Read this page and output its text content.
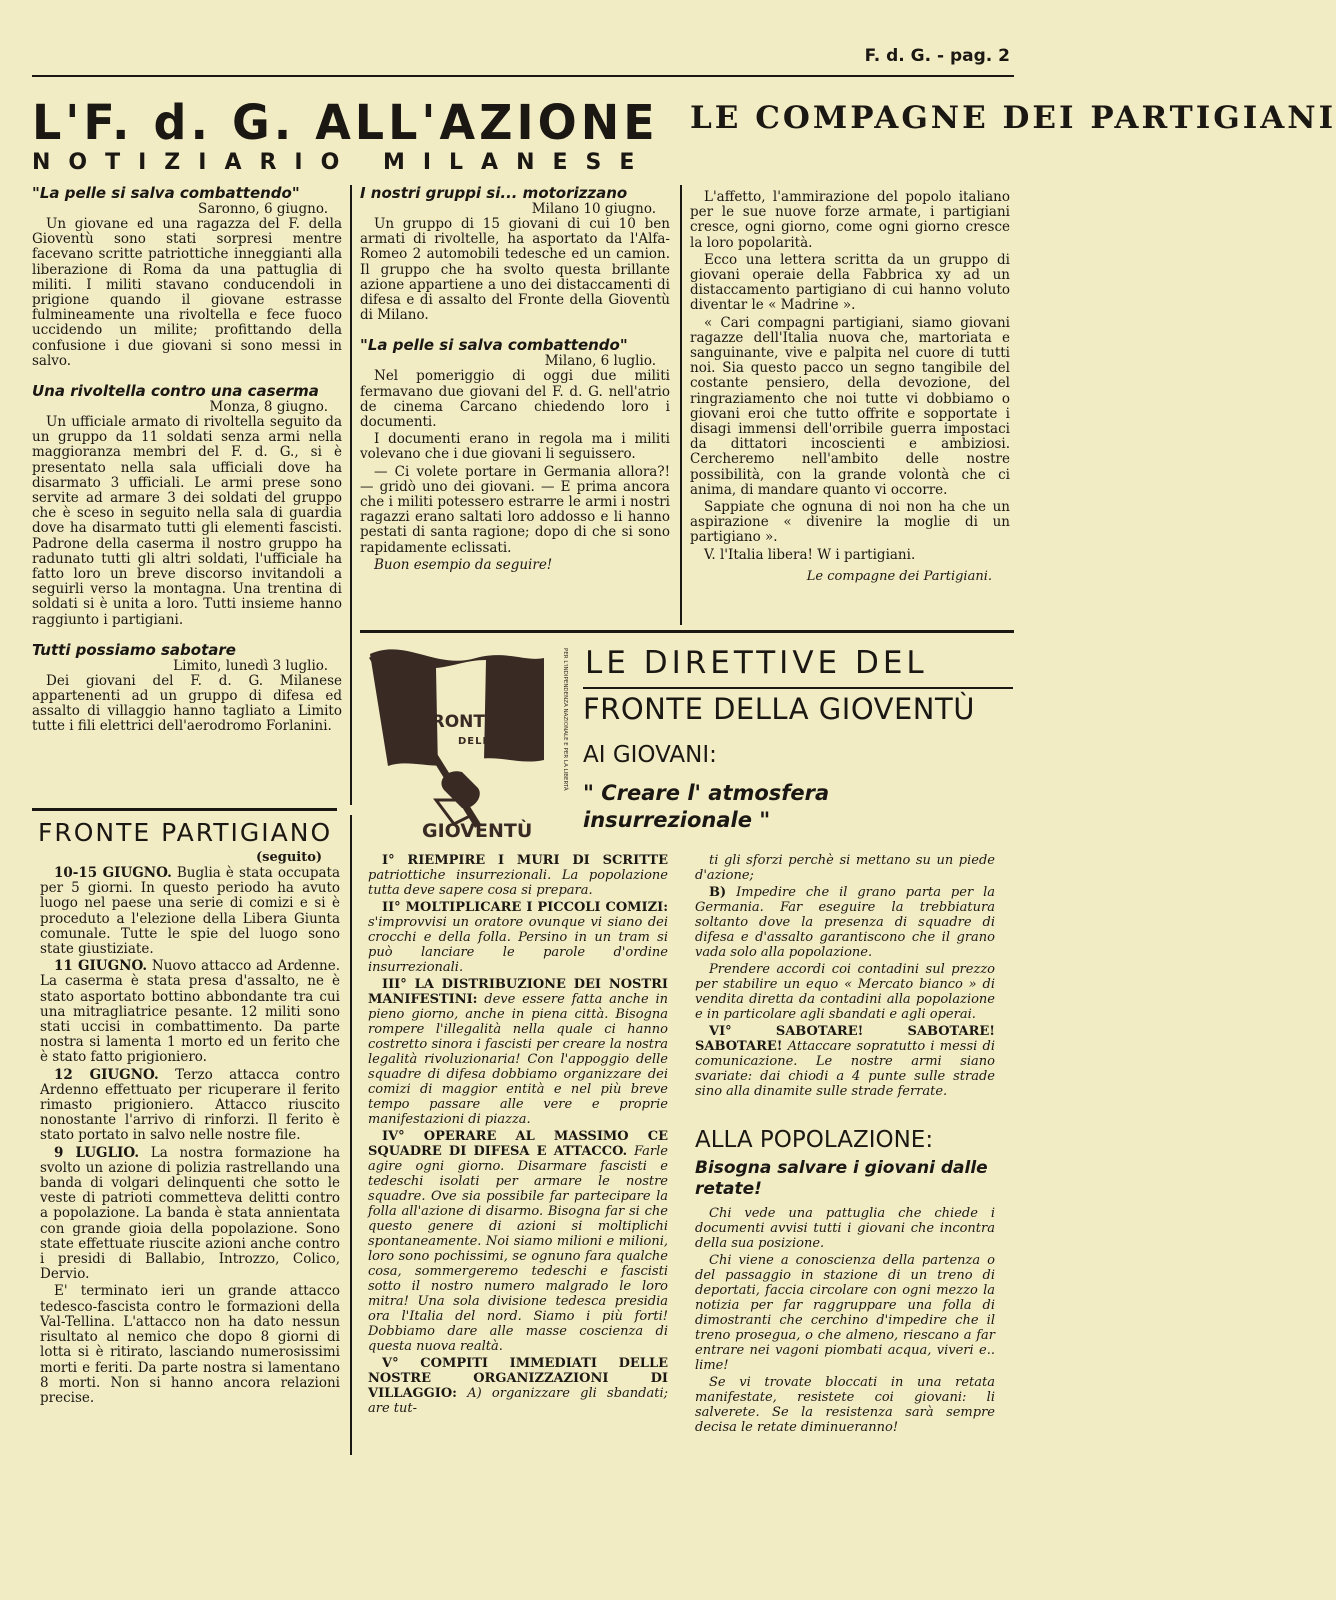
F. d. G. - pag. 2
L'F. d. G. ALL'AZIONE
NOTIZIARIO MILANESE
LE COMPAGNE DEI PARTIGIANI
"La pelle si salva combattendo"
Saronno, 6 giugno.

Un giovane ed una ragazza del F. della Gioventù sono stati sorpresi mentre facevano scritte patriottiche inneggianti alla liberazione di Roma da una pattuglia di militi. I militi stavano conducendoli in prigione quando il giovane estrasse fulmineamente una rivoltella e fece fuoco uccidendo un milite; profittando della confusione i due giovani si sono messi in salvo.

Una rivoltella contro una caserma
Monza, 8 giugno.

Un ufficiale armato di rivoltella seguito da un gruppo da 11 soldati senza armi nella maggioranza membri del F. d. G., si è presentato nella sala ufficiali dove ha disarmato 3 ufficiali. Le armi prese sono servite ad armare 3 dei soldati del gruppo che è sceso in seguito nella sala di guardia dove ha disarmato tutti gli elementi fascisti. Padrone della caserma il nostro gruppo ha radunato tutti gli altri soldati, l'ufficiale ha fatto loro un breve discorso invitandoli a seguirli verso la montagna. Una trentina di soldati si è unita a loro. Tutti insieme hanno raggiunto i partigiani.

Tutti possiamo sabotare
Limito, lunedì 3 luglio.

Dei giovani del F. d. G. Milanese appartenenti ad un gruppo di difesa ed assalto di villaggio hanno tagliato a Limito tutte i fili elettrici dell'aerodromo Forlanini.

I nostri gruppi si... motorizzano
Milano 10 giugno.

Un gruppo di 15 giovani di cui 10 ben armati di rivoltelle, ha asportato da l'Alfa-Romeo 2 automobili tedesche ed un camion. Il gruppo che ha svolto questa brillante azione appartiene a uno dei distaccamenti di difesa e di assalto del Fronte della Gioventù di Milano.

"La pelle si salva combattendo"
Milano, 6 luglio.

Nel pomeriggio di oggi due militi fermavano due giovani del F. d. G. nell'atrio de cinema Carcano chiedendo loro i documenti.

I documenti erano in regola ma i militi volevano che i due giovani li seguissero.

— Ci volete portare in Germania allora?! — gridò uno dei giovani. — E prima ancora che i militi potessero estrarre le armi i nostri ragazzi erano saltati loro addosso e li hanno pestati di santa ragione; dopo di che si sono rapidamente eclissati.

Buon esempio da seguire!

L'affetto, l'ammirazione del popolo italiano per le sue nuove forze armate, i partigiani cresce, ogni giorno, come ogni giorno cresce la loro popolarità.

Ecco una lettera scritta da un gruppo di giovani operaie della Fabbrica xy ad un distaccamento partigiano di cui hanno voluto diventar le « Madrine ».

« Cari compagni partigiani, siamo giovani ragazze dell'Italia nuova che, martoriata e sanguinante, vive e palpita nel cuore di tutti noi. Sia questo pacco un segno tangibile del costante pensiero, della devozione, del ringraziamento che noi tutte vi dobbiamo o giovani eroi che tutto offrite e sopportate i disagi immensi dell'orribile guerra impostaci da dittatori incoscienti e ambiziosi. Cercheremo nell'ambito delle nostre possibilità, con la grande volontà che ci anima, di mandare quanto vi occorre.

Sappiate che ognuna di noi non ha che un aspirazione « divenire la moglie di un partigiano ».

V. l'Italia libera! W i partigiani.

Le compagne dei Partigiani.
FRONTE
DELLA
GIOVENTÙ
PER L'INDIPENDENZA NAZIONALE E PER LA LIBERTÀ LE DIRETTIVE DEL
FRONTE DELLA GIOVENTÙ
AI GIOVANI:
" Creare l' atmosfera insurrezionale "
FRONTE PARTIGIANO
(seguito)

10-15 GIUGNO. Buglia è stata occupata per 5 giorni. In questo periodo ha avuto luogo nel paese una serie di comizi e si è proceduto a l'elezione della Libera Giunta comunale. Tutte le spie del luogo sono state giustiziate.

11 GIUGNO. Nuovo attacco ad Ardenne. La caserma è stata presa d'assalto, ne è stato asportato bottino abbondante tra cui una mitragliatrice pesante. 12 militi sono stati uccisi in combattimento. Da parte nostra si lamenta 1 morto ed un ferito che è stato fatto prigioniero.

12 GIUGNO. Terzo attacca contro Ardenno effettuato per ricuperare il ferito rimasto prigioniero. Attacco riuscito nonostante l'arrivo di rinforzi. Il ferito è stato portato in salvo nelle nostre file.

9 LUGLIO. La nostra formazione ha svolto un azione di polizia rastrellando una banda di volgari delinquenti che sotto le veste di patrioti commetteva delitti contro a popolazione. La banda è stata annientata con grande gioia della popolazione. Sono state effettuate riuscite azioni anche contro i presidi di Ballabio, Introzzo, Colico, Dervio.

E' terminato ieri un grande attacco tedesco-fascista contro le formazioni della Val-Tellina. L'attacco non ha dato nessun risultato al nemico che dopo 8 giorni di lotta si è ritirato, lasciando numerosissimi morti e feriti. Da parte nostra si lamentano 8 morti. Non si hanno ancora relazioni precise.

I° RIEMPIRE I MURI DI SCRITTE patriottiche insurrezionali. La popolazione tutta deve sapere cosa si prepara.

II° MOLTIPLICARE I PICCOLI COMIZI: s'improvvisi un oratore ovunque vi siano dei crocchi e della folla. Persino in un tram si può lanciare le parole d'ordine insurrezionali.

III° LA DISTRIBUZIONE DEI NOSTRI MANIFESTINI: deve essere fatta anche in pieno giorno, anche in piena città. Bisogna rompere l'illegalità nella quale ci hanno costretto sinora i fascisti per creare la nostra legalità rivoluzionaria! Con l'appoggio delle squadre di difesa dobbiamo organizzare dei comizi di maggior entità e nel più breve tempo passare alle vere e proprie manifestazioni di piazza.

IV° OPERARE AL MASSIMO CE SQUADRE DI DIFESA E ATTACCO. Farle agire ogni giorno. Disarmare fascisti e tedeschi isolati per armare le nostre squadre. Ove sia possibile far partecipare la folla all'azione di disarmo. Bisogna far si che questo genere di azioni si moltiplichi spontaneamente. Noi siamo milioni e milioni, loro sono pochissimi, se ognuno fara qualche cosa, sommergeremo tedeschi e fascisti sotto il nostro numero malgrado le loro mitra! Una sola divisione tedesca presidia ora l'Italia del nord. Siamo i più forti! Dobbiamo dare alle masse coscienza di questa nuova realtà.

V° COMPITI IMMEDIATI DELLE NOSTRE ORGANIZZAZIONI DI VILLAGGIO: A) organizzare gli sbandati; are tut-

ti gli sforzi perchè si mettano su un piede d'azione;

B) Impedire che il grano parta per la Germania. Far eseguire la trebbiatura soltanto dove la presenza di squadre di difesa e d'assalto garantiscono che il grano vada solo alla popolazione.

Prendere accordi coi contadini sul prezzo per stabilire un equo « Mercato bianco » di vendita diretta da contadini alla popolazione e in particolare agli sbandati e agli operai.

VI° SABOTARE! SABOTARE! SABOTARE! Attaccare sopratutto i messi di comunicazione. Le nostre armi siano svariate: dai chiodi a 4 punte sulle strade sino alla dinamite sulle strade ferrate.

ALLA POPOLAZIONE:
Bisogna salvare i giovani dalle retate!

Chi vede una pattuglia che chiede i documenti avvisi tutti i giovani che incontra della sua posizione.

Chi viene a conoscienza della partenza o del passaggio in stazione di un treno di deportati, faccia circolare con ogni mezzo la notizia per far raggruppare una folla di dimostranti che cerchino d'impedire che il treno prosegua, o che almeno, riescano a far entrare nei vagoni piombati acqua, viveri e.. lime!

Se vi trovate bloccati in una retata manifestate, resistete coi giovani: li salverete. Se la resistenza sarà sempre decisa le retate diminueranno!
